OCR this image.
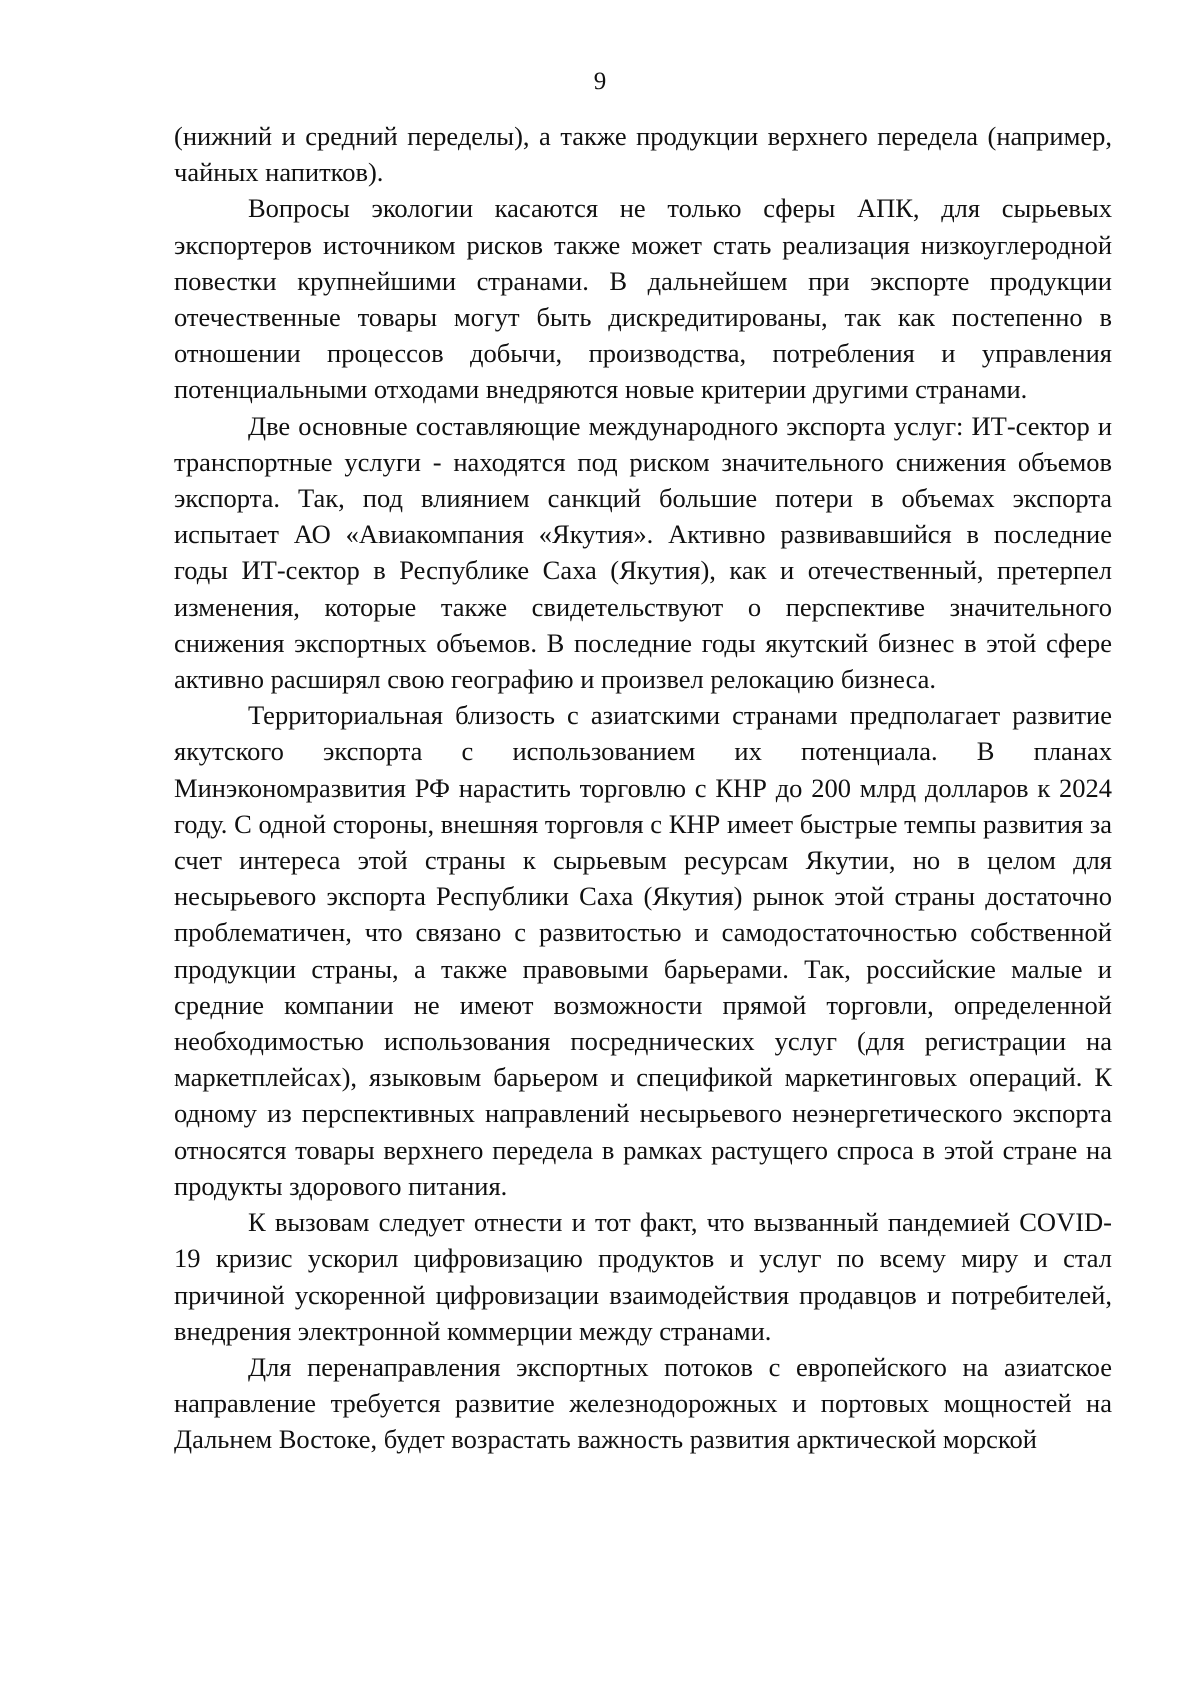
9

(нижний и средний переделы), а также продукции верхнего передела (например, чайных напитков).

Вопросы экологии касаются не только сферы АПК, для сырьевых экспортеров источником рисков также может стать реализация низкоуглеродной повестки крупнейшими странами. В дальнейшем при экспорте продукции отечественные товары могут быть дискредитированы, так как постепенно в отношении процессов добычи, производства, потребления и управления потенциальными отходами внедряются новые критерии другими странами.

Две основные составляющие международного экспорта услуг: ИТ-сектор и транспортные услуги - находятся под риском значительного снижения объемов экспорта. Так, под влиянием санкций большие потери в объемах экспорта испытает АО «Авиакомпания «Якутия». Активно развивавшийся в последние годы ИТ-сектор в Республике Саха (Якутия), как и отечественный, претерпел изменения, которые также свидетельствуют о перспективе значительного снижения экспортных объемов. В последние годы якутский бизнес в этой сфере активно расширял свою географию и произвел релокацию бизнеса.

Территориальная близость с азиатскими странами предполагает развитие якутского экспорта с использованием их потенциала. В планах Минэкономразвития РФ нарастить торговлю с КНР до 200 млрд долларов к 2024 году. С одной стороны, внешняя торговля с КНР имеет быстрые темпы развития за счет интереса этой страны к сырьевым ресурсам Якутии, но в целом для несырьевого экспорта Республики Саха (Якутия) рынок этой страны достаточно проблематичен, что связано с развитостью и самодостаточностью собственной продукции страны, а также правовыми барьерами. Так, российские малые и средние компании не имеют возможности прямой торговли, определенной необходимостью использования посреднических услуг (для регистрации на маркетплейсах), языковым барьером и спецификой маркетинговых операций. К одному из перспективных направлений несырьевого неэнергетического экспорта относятся товары верхнего передела в рамках растущего спроса в этой стране на продукты здорового питания.

К вызовам следует отнести и тот факт, что вызванный пандемией COVID-19 кризис ускорил цифровизацию продуктов и услуг по всему миру и стал причиной ускоренной цифровизации взаимодействия продавцов и потребителей, внедрения электронной коммерции между странами.

Для перенаправления экспортных потоков с европейского на азиатское направление требуется развитие железнодорожных и портовых мощностей на Дальнем Востоке, будет возрастать важность развития арктической морской
